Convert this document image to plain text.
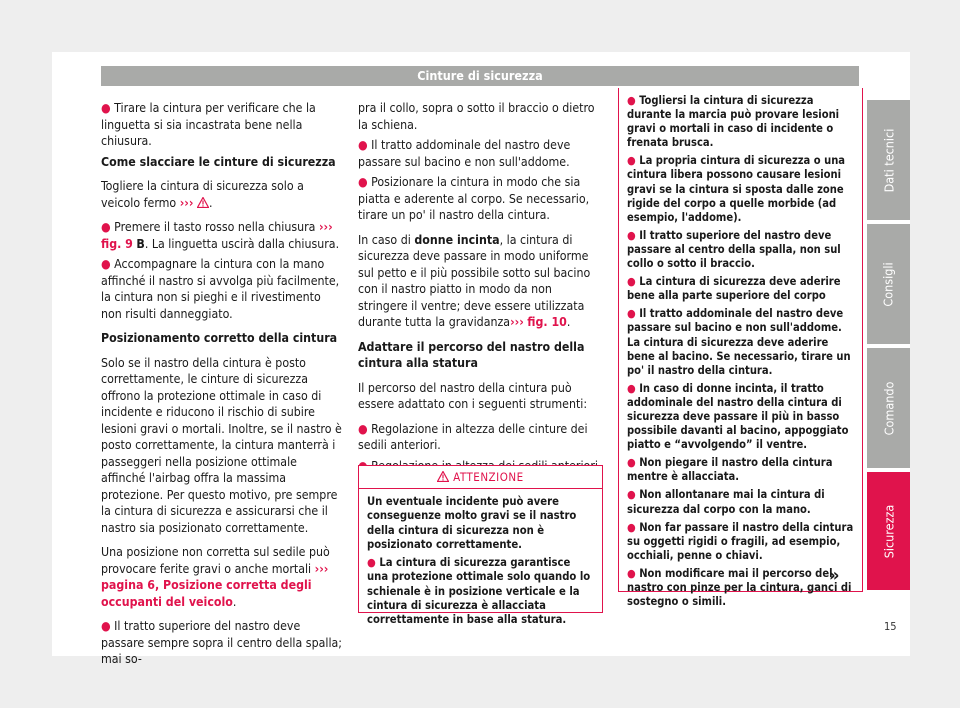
Cinture di sicurezza

● Tirare la cintura per verificare che la linguetta si sia incastrata bene nella chiusura.

Come slacciare le cinture di sicurezza

Togliere la cintura di sicurezza solo a veicolo fermo ››› .

● Premere il tasto rosso nella chiusura ››› fig. 9 B. La linguetta uscirà dalla chiusura.

● Accompagnare la cintura con la mano affinché il nastro si avvolga più facilmente, la cintura non si pieghi e il rivestimento non risulti danneggiato.

Posizionamento corretto della cintura

Solo se il nastro della cintura è posto correttamente, le cinture di sicurezza offrono la protezione ottimale in caso di incidente e riducono il rischio di subire lesioni gravi o mortali. Inoltre, se il nastro è posto correttamente, la cintura manterrà i passeggeri nella posizione ottimale affinché l'airbag offra la massima protezione. Per questo motivo, pre sempre la cintura di sicurezza e assicurarsi che il nastro sia posizionato correttamente.

Una posizione non corretta sul sedile può provocare ferite gravi o anche mortali ››› pagina 6, Posizione corretta degli occupanti del veicolo.

● Il tratto superiore del nastro deve passare sempre sopra il centro della spalla; mai so-

pra il collo, sopra o sotto il braccio o dietro la schiena.

● Il tratto addominale del nastro deve passare sul bacino e non sull'addome.

● Posizionare la cintura in modo che sia piatta e aderente al corpo. Se necessario, tirare un po' il nastro della cintura.

In caso di donne incinta, la cintura di sicurezza deve passare in modo uniforme sul petto e il più possibile sotto sul bacino con il nastro piatto in modo da non stringere il ventre; deve essere utilizzata durante tutta la gravidanza››› fig. 10.

Adattare il percorso del nastro della cintura alla statura

Il percorso del nastro della cintura può essere adattato con i seguenti strumenti:

● Regolazione in altezza delle cinture dei sedili anteriori.

ATTENZIONE

Un eventuale incidente può avere conseguenze molto gravi se il nastro della cintura di sicurezza non è posizionato correttamente.

● La cintura di sicurezza garantisce una protezione ottimale solo quando lo schienale è in posizione verticale e la cintura di sicurezza è allacciata correttamente in base alla statura.

● Togliersi la cintura di sicurezza durante la marcia può provare lesioni gravi o mortali in caso di incidente o frenata brusca.

● La propria cintura di sicurezza o una cintura libera possono causare lesioni gravi se la cintura si sposta dalle zone rigide del corpo a quelle morbide (ad esempio, l'addome).

● Il tratto superiore del nastro deve passare al centro della spalla, non sul collo o sotto il braccio.

● La cintura di sicurezza deve aderire bene alla parte superiore del corpo

● Il tratto addominale del nastro deve passare sul bacino e non sull'addome. La cintura di sicurezza deve aderire bene al bacino. Se necessario, tirare un po' il nastro della cintura.

● In caso di donne incinta, il tratto addominale del nastro della cintura di sicurezza deve passare il più in basso possibile davanti al bacino, appoggiato piatto e “avvolgendo” il ventre.

● Non piegare il nastro della cintura mentre è allacciata.

● Non allontanare mai la cintura di sicurezza dal corpo con la mano.

● Non far passare il nastro della cintura su oggetti rigidi o fragili, ad esempio, occhiali, penne o chiavi.

● Non modificare mai il percorso del nastro con pinze per la cintura, ganci di sostegno o simili.

»
Dati tecnici
Consigli
Comando
Sicurezza
15
